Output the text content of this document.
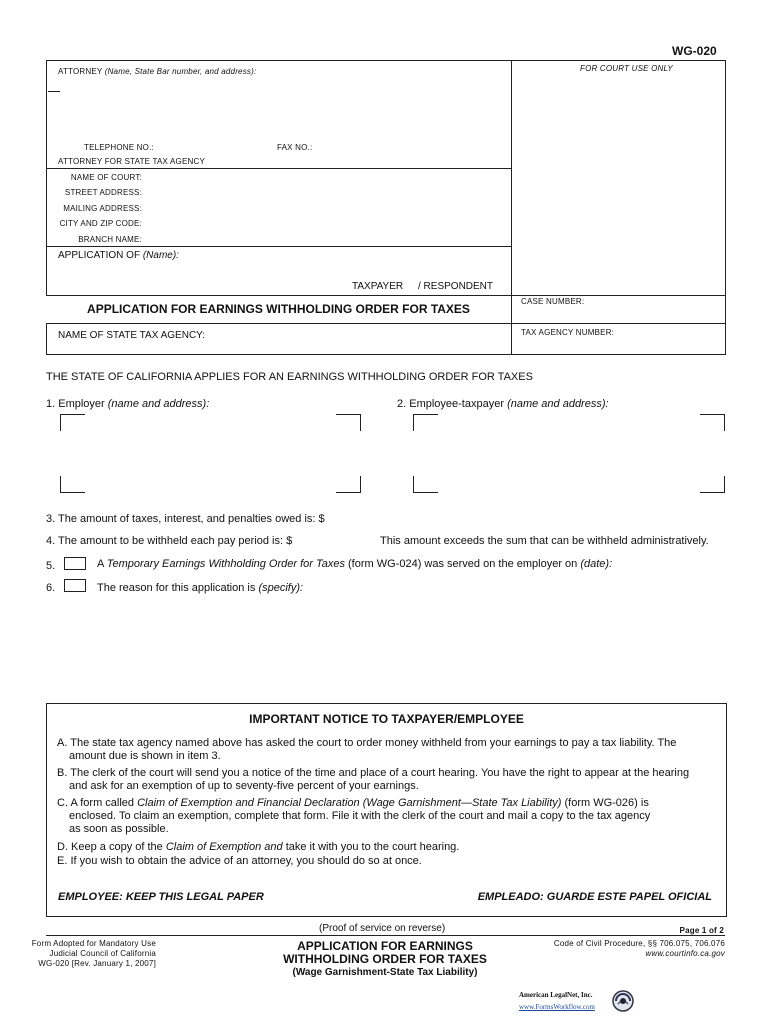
WG-020
ATTORNEY (Name, State Bar number, and address):	FOR COURT USE ONLY
TELEPHONE NO.:	FAX NO.:
ATTORNEY FOR STATE TAX AGENCY
NAME OF COURT:
STREET ADDRESS:
MAILING ADDRESS:
CITY AND ZIP CODE:
BRANCH NAME:
APPLICATION OF (Name):
TAXPAYER / RESPONDENT
APPLICATION FOR EARNINGS WITHHOLDING ORDER FOR TAXES
CASE NUMBER:
NAME OF STATE TAX AGENCY:	TAX AGENCY NUMBER:
THE STATE OF CALIFORNIA APPLIES FOR AN EARNINGS WITHHOLDING ORDER FOR TAXES
1. Employer (name and address):	2. Employee-taxpayer (name and address):
3. The amount of taxes, interest, and penalties owed is: $
4. The amount to be withheld each pay period is: $	This amount exceeds the sum that can be withheld administratively.
5.	A Temporary Earnings Withholding Order for Taxes (form WG-024) was served on the employer on (date):
6.	The reason for this application is (specify):
IMPORTANT NOTICE TO TAXPAYER/EMPLOYEE

A. The state tax agency named above has asked the court to order money withheld from your earnings to pay a tax liability. The

amount due is shown in item 3.

B. The clerk of the court will send you a notice of the time and place of a court hearing. You have the right to appear at the hearing

and ask for an exemption of up to seventy-five percent of your earnings.

C. A form called Claim of Exemption and Financial Declaration (Wage Garnishment—State Tax Liability) (form WG-026) is

enclosed. To claim an exemption, complete that form. File it with the clerk of the court and mail a copy to the tax agency

as soon as possible.

D. Keep a copy of the Claim of Exemption and take it with you to the court hearing.

E. If you wish to obtain the advice of an attorney, you should do so at once.

EMPLOYEE: KEEP THIS LEGAL PAPER	EMPLEADO: GUARDE ESTE PAPEL OFICIAL
(Proof of service on reverse)	Page 1 of 2
Form Adopted for Mandatory Use
Judicial Council of California
WG-020 [Rev. January 1, 2007]
APPLICATION FOR EARNINGS
WITHHOLDING ORDER FOR TAXES
(Wage Garnishment-State Tax Liability)
Code of Civil Procedure, §§ 706.075, 706.076
www.courtinfo.ca.gov
American LegalNet, Inc.
www.FormsWorkflow.com
